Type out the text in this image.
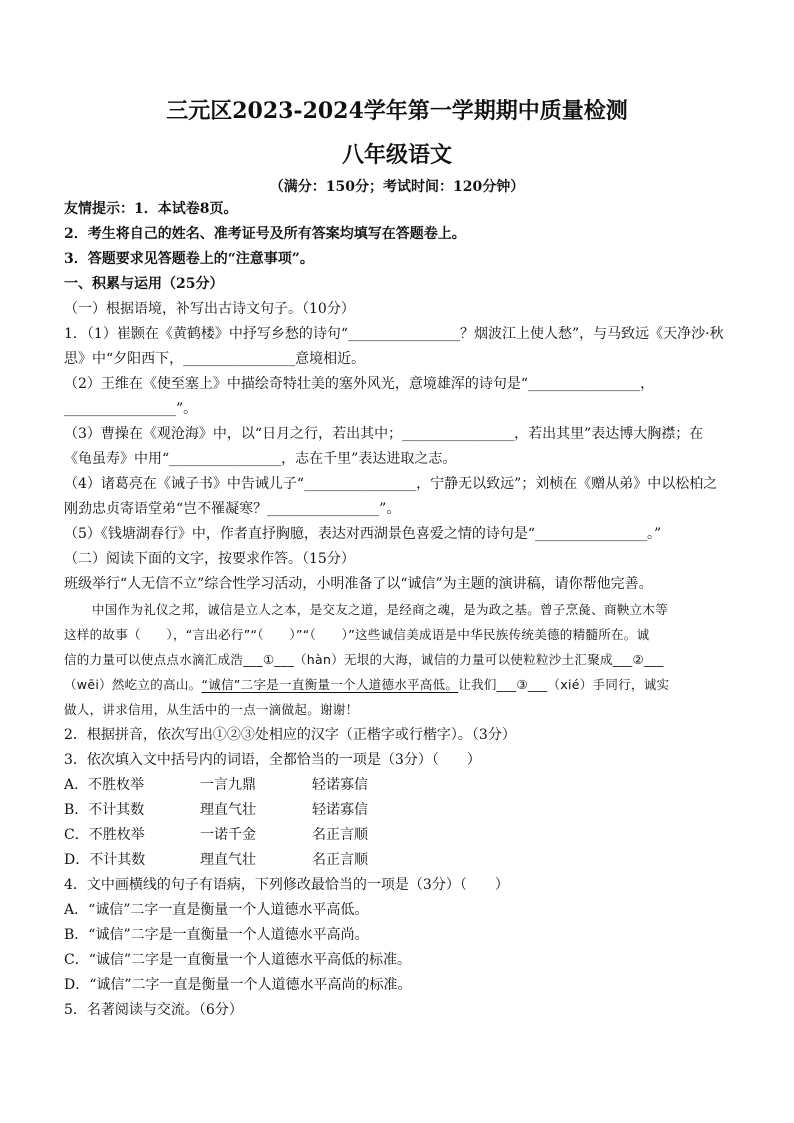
三元区2023-2024学年第一学期期中质量检测
八年级语文
（满分：150分；考试时间：120分钟）
友情提示：1．本试卷8页。
2．考生将自己的姓名、准考证号及所有答案均填写在答题卷上。
3．答题要求见答题卷上的“注意事项”。
一、积累与运用（25分）
（一）根据语境，补写出古诗文句子。（10分）
1．（1）崔颢在《黄鹤楼》中抒写乡愁的诗句“________________？烟波江上使人愁”，与马致远《天净沙·秋
思》中“夕阳西下，________________意境相近。
（2）王维在《使至塞上》中描绘奇特壮美的塞外风光，意境雄浑的诗句是“________________，
________________”。
（3）曹操在《观沧海》中，以“日月之行，若出其中；________________，若出其里”表达博大胸襟；在
《龟虽寿》中用“________________，志在千里”表达进取之志。
（4）诸葛亮在《诫子书》中告诫儿子“________________，宁静无以致远”；刘桢在《赠从弟》中以松柏之
刚劲忠贞寄语堂弟“岂不罹凝寒？________________”。
（5）《钱塘湖春行》中，作者直抒胸臆，表达对西湖景色喜爱之情的诗句是“________________。”
（二）阅读下面的文字，按要求作答。（15分）
班级举行“人无信不立”综合性学习活动，小明准备了以“诚信”为主题的演讲稿，请你帮他完善。
中国作为礼仪之邦，诚信是立人之本，是交友之道，是经商之魂，是为政之基。曾子烹彘、商鞅立木等
这样的故事（　　），“言出必行”“（　　）”“（　　）”这些诚信美成语是中华民族传统美德的精髓所在。诚
信的力量可以使点点水滴汇成浩___①___（hàn）无垠的大海，诚信的力量可以使粒粒沙土汇聚成___②___
（wēi）然屹立的高山。“诚信”二字是一直衡量一个人道德水平高低。让我们___③___（xié）手同行，诚实
做人，讲求信用，从生活中的一点一滴做起。谢谢！
2．根据拼音，依次写出①②③处相应的汉字（正楷字或行楷字）。（3分）
3．依次填入文中括号内的词语，全都恰当的一项是（3分）（　　）
A．不胜枚举	一言九鼎	轻诺寡信
B．不计其数	理直气壮	轻诺寡信
C．不胜枚举	一诺千金	名正言顺
D．不计其数	理直气壮	名正言顺
4．文中画横线的句子有语病，下列修改最恰当的一项是（3分）（　　）
A．“诚信”二字一直是衡量一个人道德水平高低。
B．“诚信”二字是一直衡量一个人道德水平高尚。
C．“诚信”二字是一直衡量一个人道德水平高低的标准。
D．“诚信”二字一直是衡量一个人道德水平高尚的标准。
5．名著阅读与交流。（6分）
